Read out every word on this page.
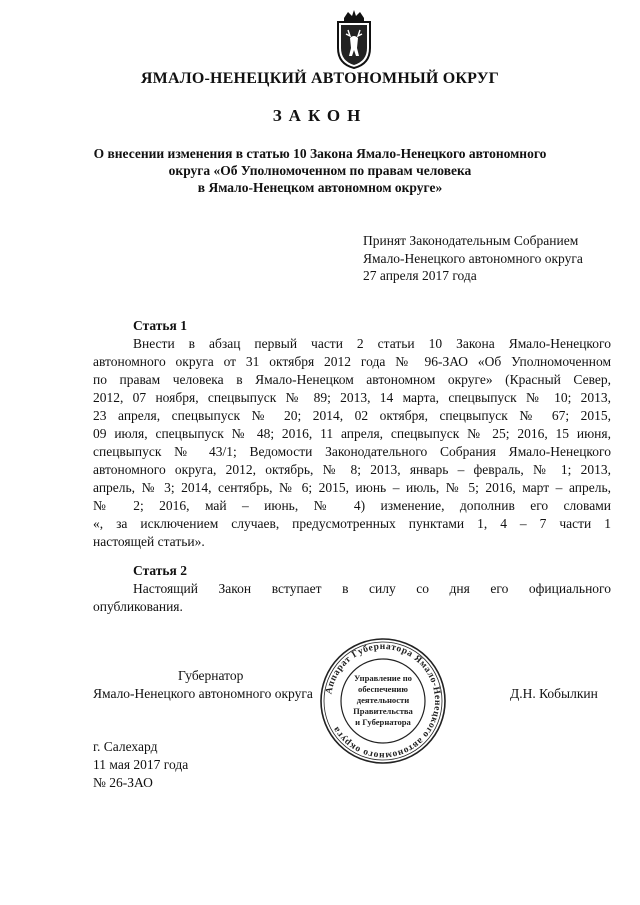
ЯМАЛО-НЕНЕЦКИЙ АВТОНОМНЫЙ ОКРУГ
ЗАКОН
О внесении изменения в статью 10 Закона Ямало-Ненецкого автономного
округа «Об Уполномоченном по правам человека
в Ямало-Ненецком автономном округе»
Принят Законодательным Собранием
Ямало-Ненецкого автономного округа
27 апреля 2017 года
Статья 1
Внести в абзац первый части 2 статьи 10 Закона Ямало-Ненецкого
автономного округа от 31 октября 2012 года № 96-ЗАО «Об Уполномоченном
по правам человека в Ямало-Ненецком автономном округе» (Красный Север,
2012, 07 ноября, спецвыпуск № 89; 2013, 14 марта, спецвыпуск № 10; 2013,
23 апреля, спецвыпуск № 20; 2014, 02 октября, спецвыпуск № 67; 2015,
09 июля, спецвыпуск № 48; 2016, 11 апреля, спецвыпуск № 25; 2016, 15 июня,
спецвыпуск № 43/1; Ведомости Законодательного Собрания Ямало-Ненецкого
автономного округа, 2012, октябрь, № 8; 2013, январь – февраль, № 1; 2013,
апрель, № 3; 2014, сентябрь, № 6; 2015, июнь – июль, № 5; 2016, март – апрель,
№ 2; 2016, май – июнь, № 4) изменение, дополнив его словами
«, за исключением случаев, предусмотренных пунктами 1, 4 – 7 части 1
настоящей статьи».
Статья 2
Настоящий Закон вступает в силу со дня его официального
опубликования.
Губернатор
Ямало-Ненецкого автономного округа	Д.Н. Кобылкин
Аппарат Губернатора Ямало-Ненецкого автономного округа
Управление по
обеспечению
деятельности
Правительства
и Губернатора
г. Салехард
11 мая 2017 года
№ 26-ЗАО
